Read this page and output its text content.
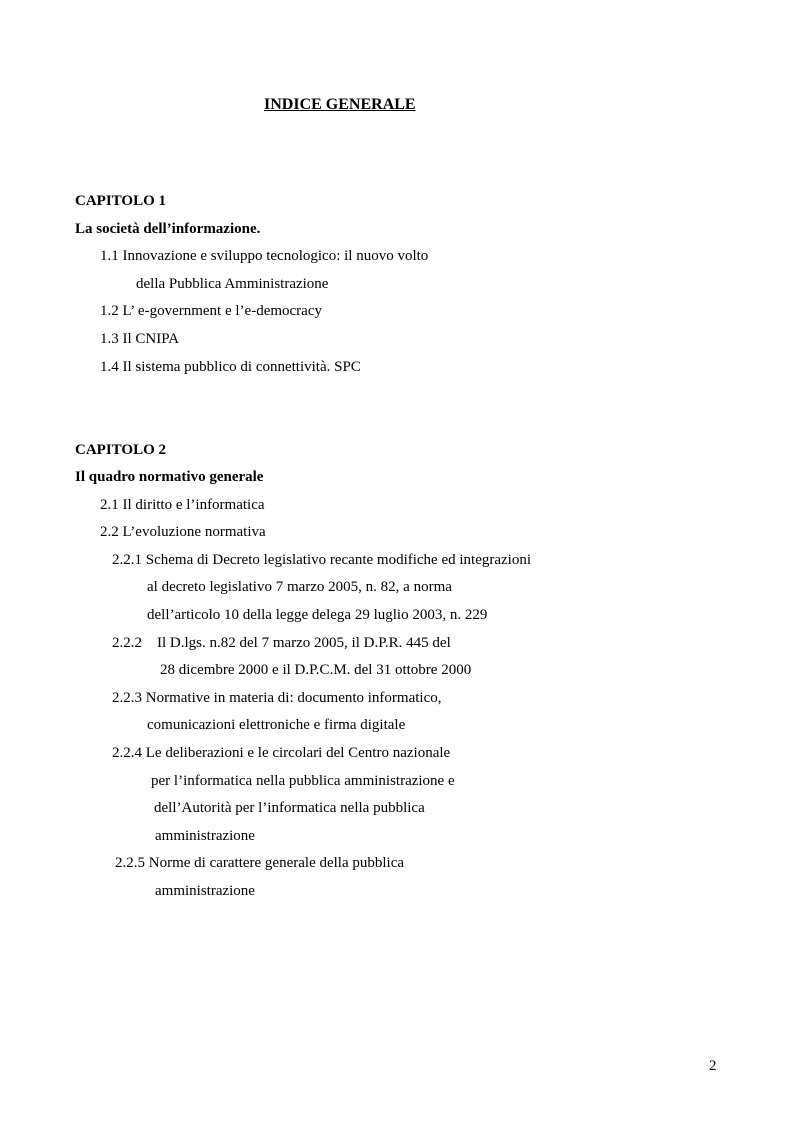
INDICE GENERALE
CAPITOLO 1
La società dell’informazione.
1.1 Innovazione e sviluppo tecnologico: il nuovo volto
della Pubblica Amministrazione
1.2 L’ e-government e l’e-democracy
1.3 Il CNIPA
1.4 Il sistema pubblico di connettività. SPC
CAPITOLO 2
Il quadro normativo generale
2.1 Il diritto e l’informatica
2.2 L’evoluzione normativa
2.2.1 Schema di Decreto legislativo recante modifiche ed integrazioni
al decreto legislativo 7 marzo 2005, n. 82, a norma
dell’articolo 10 della legge delega 29 luglio 2003, n. 229
2.2.2    Il D.lgs. n.82 del 7 marzo 2005, il D.P.R. 445 del
28 dicembre 2000 e il D.P.C.M. del 31 ottobre 2000
2.2.3 Normative in materia di: documento informatico,
comunicazioni elettroniche e firma digitale
2.2.4 Le deliberazioni e le circolari del Centro nazionale
per l’informatica nella pubblica amministrazione e
dell’Autorità per l’informatica nella pubblica
amministrazione
2.2.5 Norme di carattere generale della pubblica
amministrazione
2
